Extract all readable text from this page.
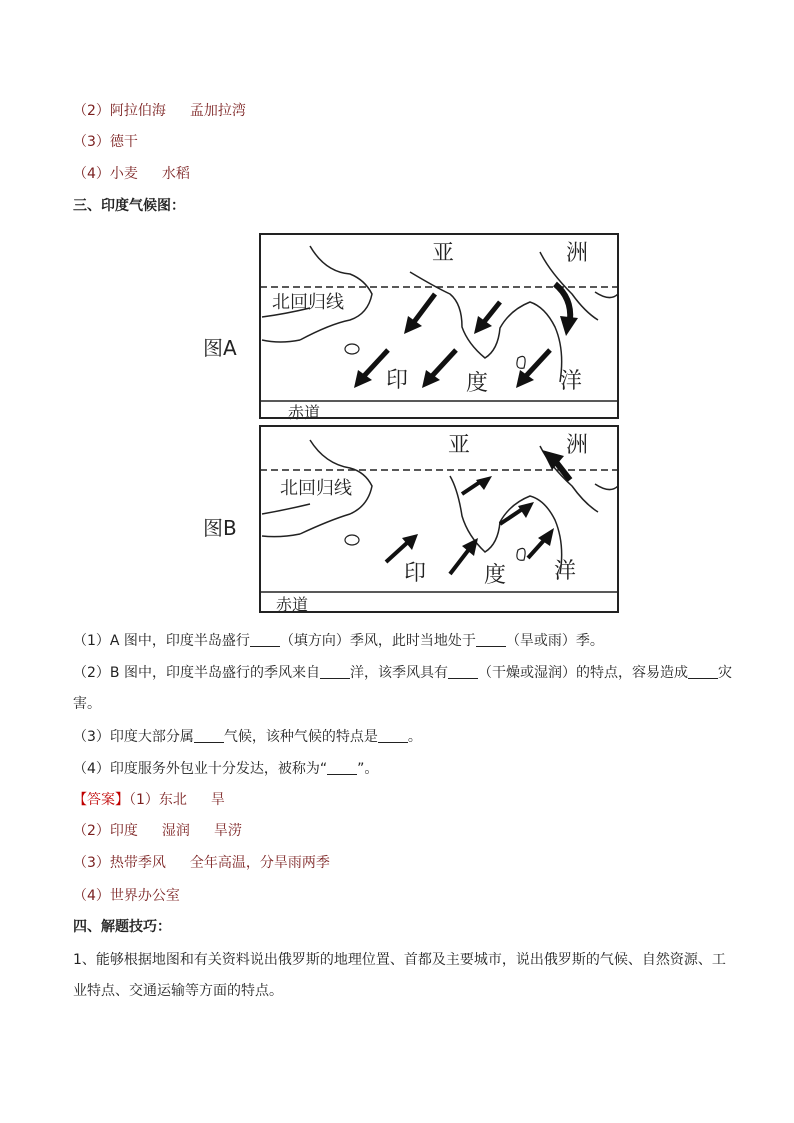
（2）阿拉伯海 孟加拉湾
（3）德干
（4）小麦 水稻
三、印度气候图：
图A
亚	洲
北回归线
印	度	洋
赤道
图B
亚	洲
北回归线
印	度 洋
赤道
（1）A 图中，印度半岛盛行 （填方向）季风，此时当地处于 （旱或雨）季。
（2）B 图中，印度半岛盛行的季风来自 洋，该季风具有 （干燥或湿润）的特点，容易造成 灾
害。
（3）印度大部分属 气候，该种气候的特点是 。
（4）印度服务外包业十分发达，被称为“ ”。
【答案】（1）东北 旱
（2）印度 湿润 旱涝
（3）热带季风 全年高温，分旱雨两季
（4）世界办公室
四、解题技巧：
1、能够根据地图和有关资料说出俄罗斯的地理位置、首都及主要城市，说出俄罗斯的气候、自然资源、工
业特点、交通运输等方面的特点。
